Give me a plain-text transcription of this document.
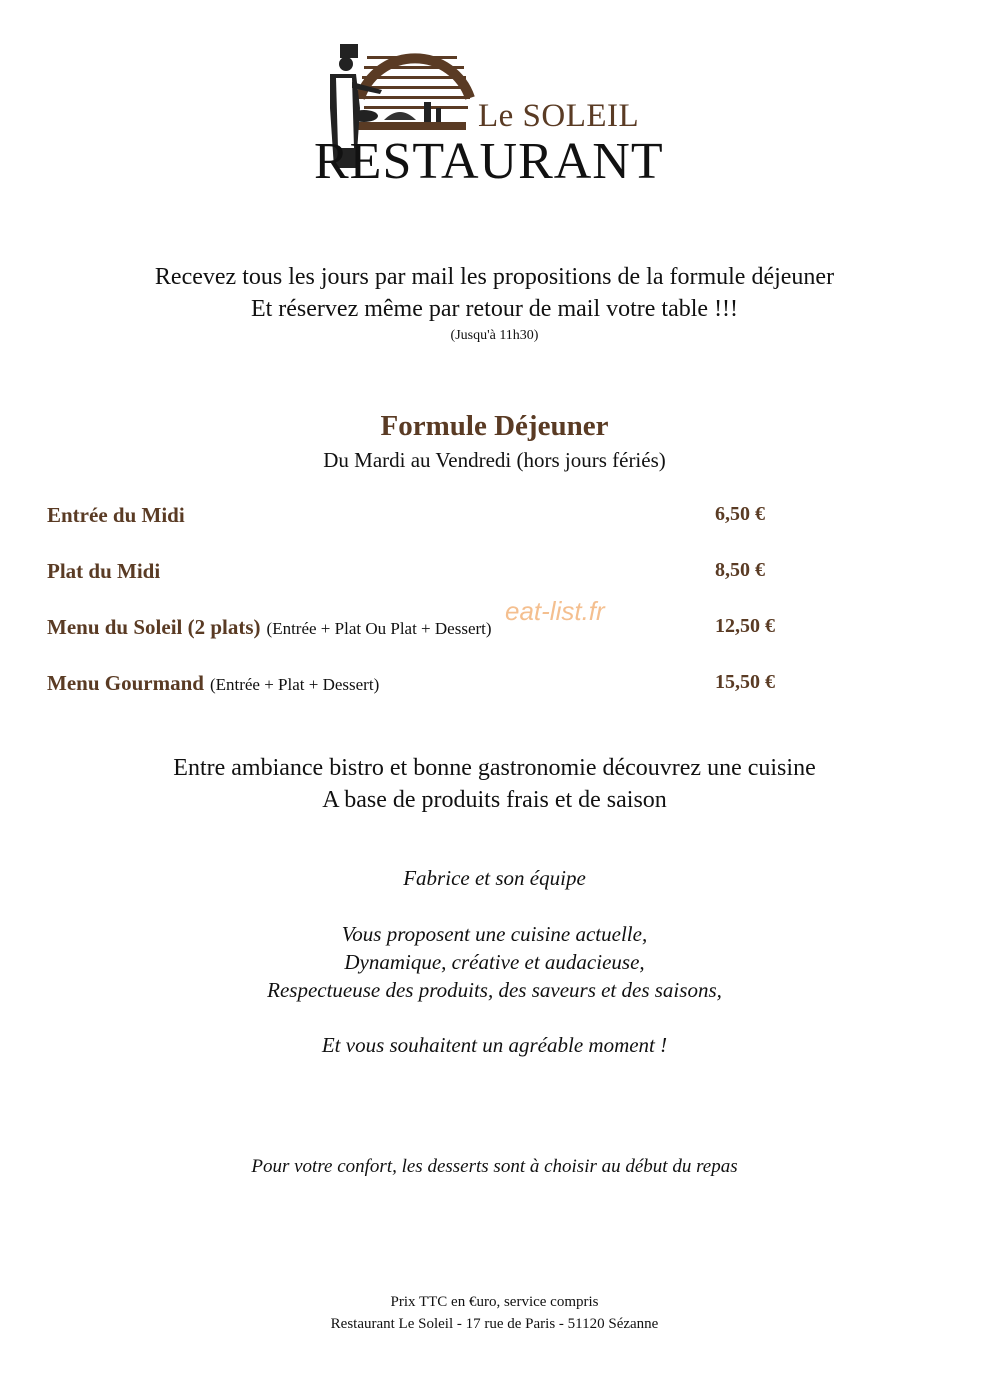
Le SOLEIL
RESTAURANT
Recevez tous les jours par mail les propositions de la formule déjeuner
Et réservez même par retour de mail votre table !!!
(Jusqu'à 11h30)
Formule Déjeuner
Du Mardi au Vendredi (hors jours fériés)
Entrée du Midi	6,50 €
Plat du Midi	8,50 €
Menu du Soleil (2 plats) (Entrée + Plat Ou Plat + Dessert)	12,50 €
Menu Gourmand (Entrée + Plat + Dessert)	15,50 €
eat-list.fr
Entre ambiance bistro et bonne gastronomie découvrez une cuisine
A base de produits frais et de saison
Fabrice et son équipe
Vous proposent une cuisine actuelle,
Dynamique, créative et audacieuse,
Respectueuse des produits, des saveurs et des saisons,
Et vous souhaitent un agréable moment !
Pour votre confort, les desserts sont à choisir au début du repas
Prix TTC en €uro, service compris
Restaurant Le Soleil - 17 rue de Paris - 51120 Sézanne
